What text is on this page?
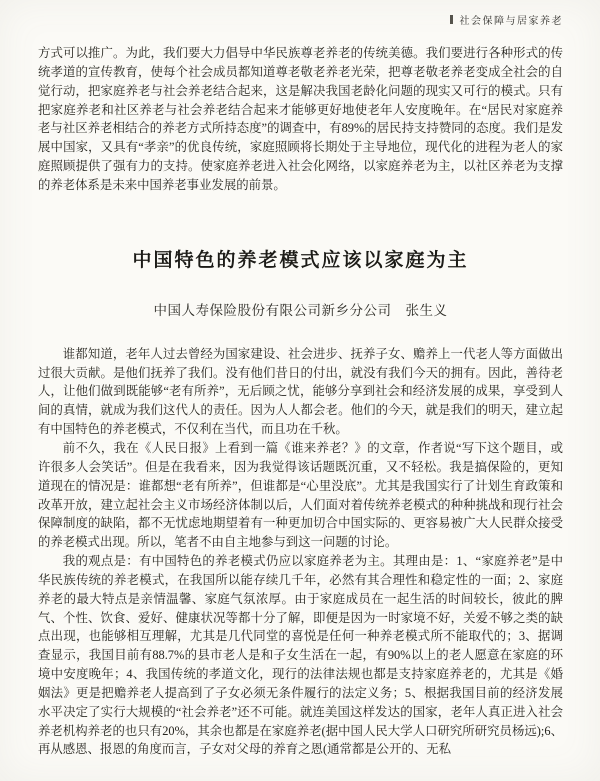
社会保障与居家养老

方式可以推广。为此，我们要大力倡导中华民族尊老养老的传统美德。我们要进行各种形式的传统孝道的宣传教育，使每个社会成员都知道尊老敬老养老光荣，把尊老敬老养老变成全社会的自觉行动，把家庭养老与社会养老结合起来，这是解决我国老龄化问题的现实又可行的模式。只有把家庭养老和社区养老与社会养老结合起来才能够更好地使老年人安度晚年。在“居民对家庭养老与社区养老相结合的养老方式所持态度”的调查中，有89%的居民持支持赞同的态度。我们是发展中国家，又具有“孝亲”的优良传统，家庭照顾将长期处于主导地位，现代化的进程为老人的家庭照顾提供了强有力的支持。使家庭养老进入社会化网络，以家庭养老为主，以社区养老为支撑的养老体系是未来中国养老事业发展的前景。

中国特色的养老模式应该以家庭为主
中国人寿保险股份有限公司新乡分公司　张生义

谁都知道，老年人过去曾经为国家建设、社会进步、抚养子女、赡养上一代老人等方面做出过很大贡献。是他们抚养了我们。没有他们昔日的付出，就没有我们今天的拥有。因此，善待老人，让他们做到既能够“老有所养”，无后顾之忧，能够分享到社会和经济发展的成果，享受到人间的真情，就成为我们这代人的责任。因为人人都会老。他们的今天，就是我们的明天，建立起有中国特色的养老模式，不仅利在当代，而且功在千秋。

前不久，我在《人民日报》上看到一篇《谁来养老？》的文章，作者说“写下这个题目，或许很多人会笑话”。但是在我看来，因为我觉得该话题既沉重，又不轻松。我是搞保险的，更知道现在的情况是：谁都想“老有所养”，但谁都是“心里没底”。尤其是我国实行了计划生育政策和改革开放，建立起社会主义市场经济体制以后，人们面对着传统养老模式的种种挑战和现行社会保障制度的缺陷，都不无忧虑地期望着有一种更加切合中国实际的、更容易被广大人民群众接受的养老模式出现。所以，笔者不由自主地参与到这一问题的讨论。

我的观点是：有中国特色的养老模式仍应以家庭养老为主。其理由是：1、“家庭养老”是中华民族传统的养老模式，在我国所以能存续几千年，必然有其合理性和稳定性的一面；2、家庭养老的最大特点是亲情温馨、家庭气氛浓厚。由于家庭成员在一起生活的时间较长，彼此的脾气、个性、饮食、爱好、健康状况等都十分了解，即便是因为一时家境不好，关爱不够之类的缺点出现，也能够相互理解，尤其是几代同堂的喜悦是任何一种养老模式所不能取代的；3、据调查显示，我国目前有88.7%的县市老人是和子女生活在一起，有90%以上的老人愿意在家庭的环境中安度晚年；4、我国传统的孝道文化，现行的法律法规也都是支持家庭养老的，尤其是《婚姻法》更是把赡养老人提高到了子女必须无条件履行的法定义务；5、根据我国目前的经济发展水平决定了实行大规模的“社会养老”还不可能。就连美国这样发达的国家，老年人真正进入社会养老机构养老的也只有20%，其余也都是在家庭养老(据中国人民大学人口研究所研究员杨远);6、再从感恩、报恩的角度而言，子女对父母的养育之恩(通常都是公开的、无私
